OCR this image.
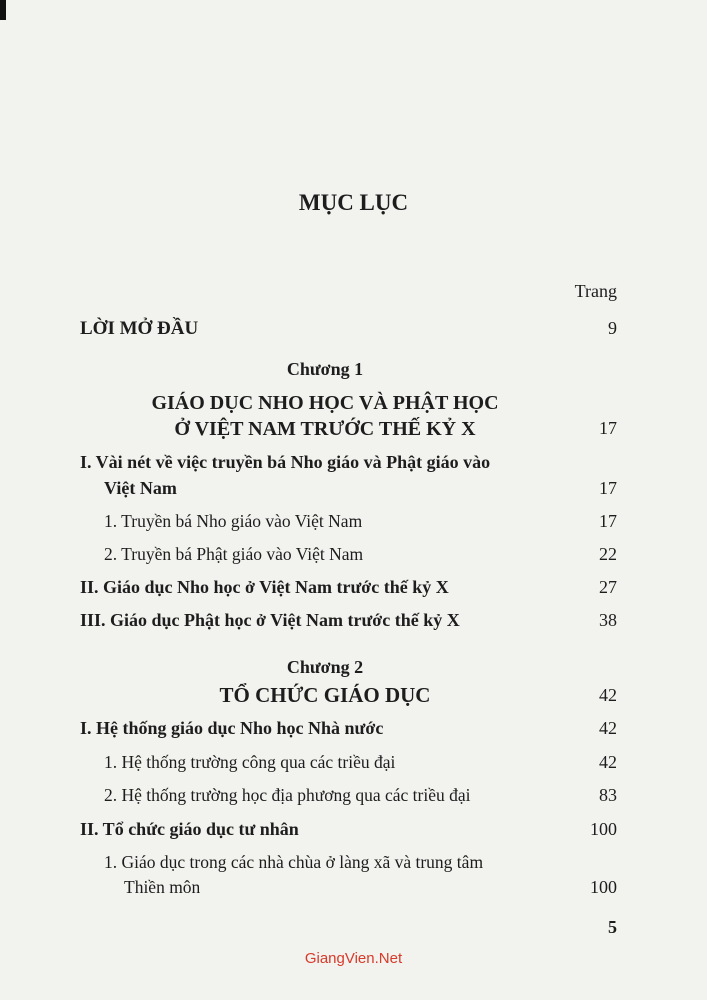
MỤC LỤC
Trang
LỜI MỞ ĐẦU	9
Chương 1
GIÁO DỤC NHO HỌC VÀ PHẬT HỌC
Ở VIỆT NAM TRƯỚC THẾ KỶ X	17
I. Vài nét về việc truyền bá Nho giáo và Phật giáo vào
Việt Nam	17
1. Truyền bá Nho giáo vào Việt Nam	17
2. Truyền bá Phật giáo vào Việt Nam	22
II. Giáo dục Nho học ở Việt Nam trước thế kỷ X	27
III. Giáo dục Phật học ở Việt Nam trước thế kỷ X	38
Chương 2
TỔ CHỨC GIÁO DỤC	42
I. Hệ thống giáo dục Nho học Nhà nước	42
1. Hệ thống trường công qua các triều đại	42
2. Hệ thống trường học địa phương qua các triều đại	83
II. Tổ chức giáo dục tư nhân	100
1. Giáo dục trong các nhà chùa ở làng xã và trung tâm
Thiền môn	100
5
GiangVien.Net
